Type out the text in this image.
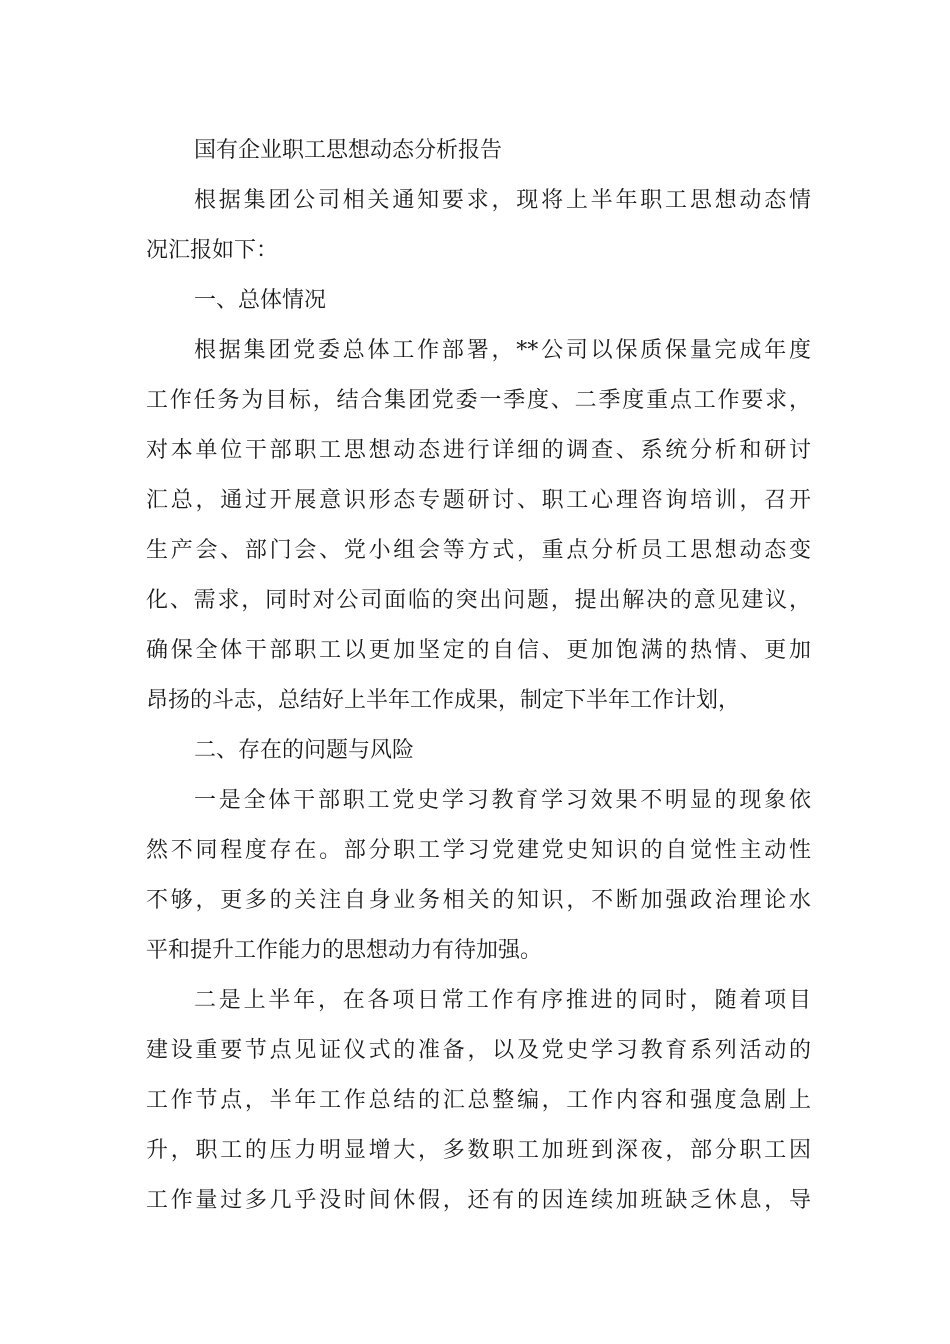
国有企业职工思想动态分析报告
根据集团公司相关通知要求，现将上半年职工思想动态情
况汇报如下：
一、总体情况
根据集团党委总体工作部署，**公司以保质保量完成年度
工作任务为目标，结合集团党委一季度、二季度重点工作要求，
对本单位干部职工思想动态进行详细的调查、系统分析和研讨
汇总，通过开展意识形态专题研讨、职工心理咨询培训，召开
生产会、部门会、党小组会等方式，重点分析员工思想动态变
化、需求，同时对公司面临的突出问题，提出解决的意见建议，
确保全体干部职工以更加坚定的自信、更加饱满的热情、更加
昂扬的斗志，总结好上半年工作成果，制定下半年工作计划，
二、存在的问题与风险
一是全体干部职工党史学习教育学习效果不明显的现象依
然不同程度存在。部分职工学习党建党史知识的自觉性主动性
不够，更多的关注自身业务相关的知识，不断加强政治理论水
平和提升工作能力的思想动力有待加强。
二是上半年，在各项日常工作有序推进的同时，随着项目
建设重要节点见证仪式的准备，以及党史学习教育系列活动的
工作节点，半年工作总结的汇总整编，工作内容和强度急剧上
升，职工的压力明显增大，多数职工加班到深夜，部分职工因
工作量过多几乎没时间休假，还有的因连续加班缺乏休息，导
